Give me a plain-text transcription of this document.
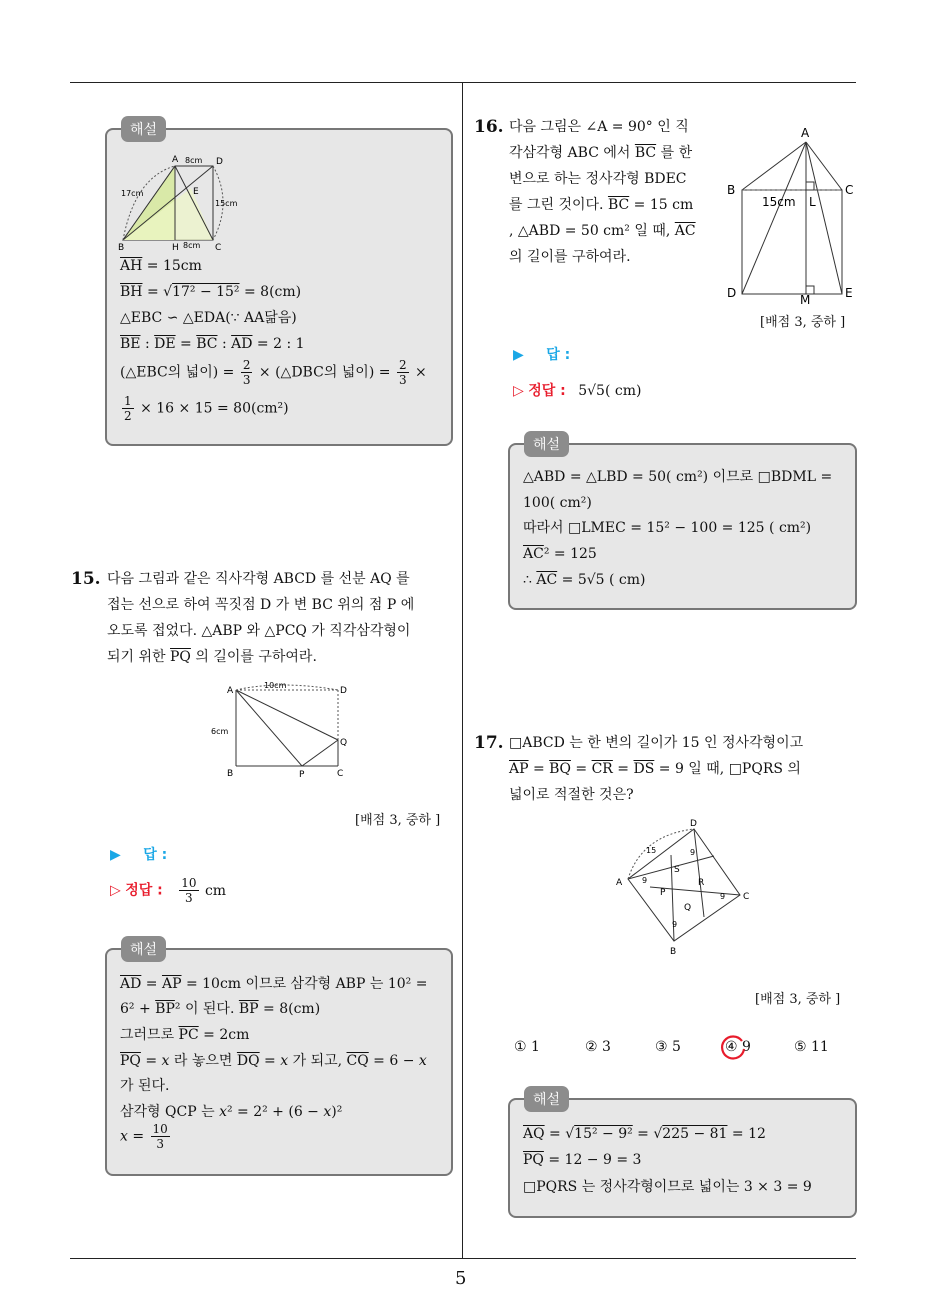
해설
A	D
B	H	C
E
8cm
8cm
17cm
15cm
$\overline{AH} = 15cm$
$\overline{BH} = √17^2 - 15^2 = 8(cm)$
△EBC ∽ △EDA(∵ AA닮음)
$\overline{BE}$ : $\overline{DE} = \overline{BC}$ : $\overline{AD} = 2$ : 1
(△EBC의 넓이) = $\frac{2}{3}$ × (△DBC의 넓이) = $\frac{2}{3}$ ×
$\frac{1}{2} \times 16 \times 15 = 80(cm^2)$
15. 다음 그림과 같은 직사각형 ABCD 를 선분 AQ 를
접는 선으로 하여 꼭짓점 D 가 변 BC 위의 점 P 에
오도록 접었다. △ABP 와 △PCQ 가 직각삼각형이
되기 위한 $\overline{PQ}$ 의 길이를 구하여라.
A	D
B	P	C
Q
10cm
6cm
[배점 3, 중하 ]
▶ 답 :
▷ 정답 : $\frac{10}{3}$ cm
해설
$\overline{AD} = \overline{AP} = 10cm$ 이므로 삼각형 ABP 는 10² =
$6^2 + \overline{BP}^2$ 이 된다. $\overline{BP} = 8(cm)$
그러므로 $\overline{PC} = 2cm$
$\overline{PQ} = x$ 라 놓으면 $\overline{DQ} = x$ 가 되고, $\overline{CQ} = 6 - x$
가 된다.
삼각형 QCP 는 x² = 2² + (6 − x)²
$x = \frac{10}{3}$
16. 다음 그림은 ∠A = 90° 인 직
각삼각형 ABC 에서 $\overline{BC}$ 를 한
변으로 하는 정사각형 BDEC
를 그린 것이다. $\overline{BC} = 15$ cm
, △ABD = 50 cm² 일 때, $\overline{AC}$
의 길이를 구하여라.
A
B	C
L
D	M	E
15cm
[배점 3, 중하 ]
▶ 답 :
▷ 정답 : 5√5( cm)
해설
△ABD = △LBD = 50( cm²) 이므로 □BDML =
100( cm²)
따라서 □LMEC = 15² − 100 = 125 ( cm²)
$\overline{AC}^2 = 125$
∴ $\overline{AC} = 5√5$ ( cm)
17. □ABCD 는 한 변의 길이가 15 인 정사각형이고
$\overline{AP} = \overline{BQ} = \overline{CR} = \overline{DS} = 9$ 일 때, □PQRS 의
넓이로 적절한 것은?
D
A
C
B
S
R
P
Q
15
9
9
9
9
[배점 3, 중하 ]
① 1	② 3	③ 5	④ 9	⑤ 11
해설
$\overline{AQ} = √15^2 - 9^2 = √225 - 81 = 12$
$\overline{PQ} = 12 - 9 = 3$
□PQRS 는 정사각형이므로 넓이는 3 × 3 = 9
5
